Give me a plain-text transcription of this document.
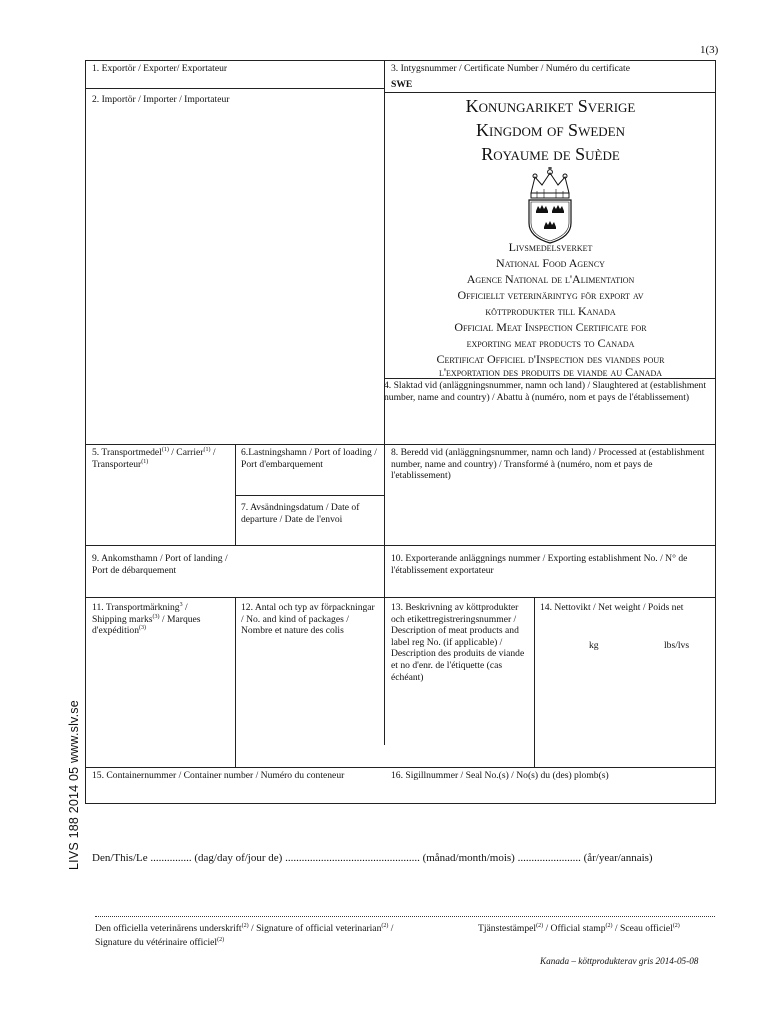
1(3)
LIVS 188 2014 05 www.slv.se
1. Exportör / Exporter/ Exportateur
2. Importör / Importer / Importateur
3. Intygsnummer / Certificate Number / Numéro du certificate
SWE
Konungariket Sverige
Kingdom of Sweden
Royaume de Suède
Livsmedelsverket
National Food Agency
Agence National de l'Alimentation
Officiellt veterinärintyg för export av
köttprodukter till Kanada
Official Meat Inspection Certificate for
exporting meat products to Canada
Certificat Officiel d'Inspection des viandes pour
l'exportation des produits de viande au Canada
4. Slaktad vid (anläggningsnummer, namn och land) / Slaughtered at (establishment number, name and country) / Abattu à (numéro, nom et pays de l'établissement)
5. Transportmedel$^{(1)}$ / Carrier$^{(1)}$ /
Transporteur$^{(1)}$
6.Lastningshamn / Port of loading / Port d'embarquement
7. Avsändningsdatum / Date of departure / Date de l'envoi
8. Beredd vid (anläggningsnummer, namn och land) / Processed at (establishment number, name and country) / Transformé à (numéro, nom et pays de l'etablissement)
9. Ankomsthamn / Port of landing / Port de débarquement
10. Exporterande anläggnings nummer / Exporting establishment No. / N° de l'établissement exportateur
11. Transportmärkning$^3$ /
Shipping marks$^{(3)}$ / Marques
d'expédition$^{(3)}$
12. Antal och typ av förpackningar / No. and kind of packages / Nombre et nature des colis
13. Beskrivning av köttprodukter och etikettregistreringsnummer / Description of meat products and label reg No. (if applicable) / Description des produits de viande et no d'enr. de l'étiquette (cas échéant)
14. Nettovikt / Net weight / Poids net
kg	lbs/lvs
15. Containernummer / Container number / Numéro du conteneur	16. Sigillnummer / Seal No.(s) / No(s) du (des) plomb(s)
Den/This/Le ............... (dag/day of/jour de) ................................................. (månad/month/mois) ....................... (år/year/annais)
Den officiella veterinärens underskrift$^{(2)}$ / Signature of official veterinarian$^{(2)}$ /
Signature du vétérinaire officiel$^{(2)}$
Tjänstestämpel$^{(2)}$ / Official stamp$^{(2)}$ / Sceau officiel$^{(2)}$
Kanada – köttprodukterav gris 2014-05-08
